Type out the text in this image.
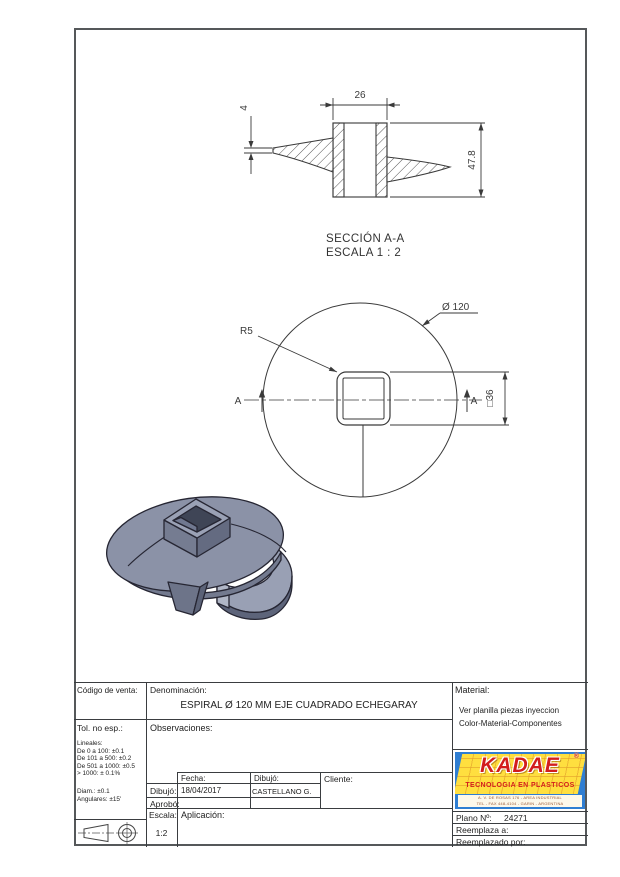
26
47.8
4
SECCIÓN A-A
ESCALA 1 : 2
A	A
R5
Ø 120
□36
Código de venta:
Tol. no esp.:
Lineales:
De 0 a 100: ±0.1
De 101 a 500: ±0.2
De 501 a 1000: ±0.5
> 1000: ± 0.1%
Diam.: ±0.1
Angulares: ±15'
Denominación:
ESPIRAL Ø 120 MM EJE CUADRADO ECHEGARAY
Observaciones:
Fecha:	Dibujó:	Cliente:
Dibujó:
Aprobó:
18/04/2017	CASTELLANO G.
Escala:
1:2
Aplicación:
Material:
Ver planilla piezas inyeccion
Color-Material-Componentes
Plano Nº: 24271
Reemplaza a:
Reemplazado por:
KADAE	®
TECNOLOGIA EN PLASTICOS
A. V. DE ROSAS 176 - AREA INDUSTRIAL
TEL - FAX 448-4104 - GARIN - ARGENTINA
